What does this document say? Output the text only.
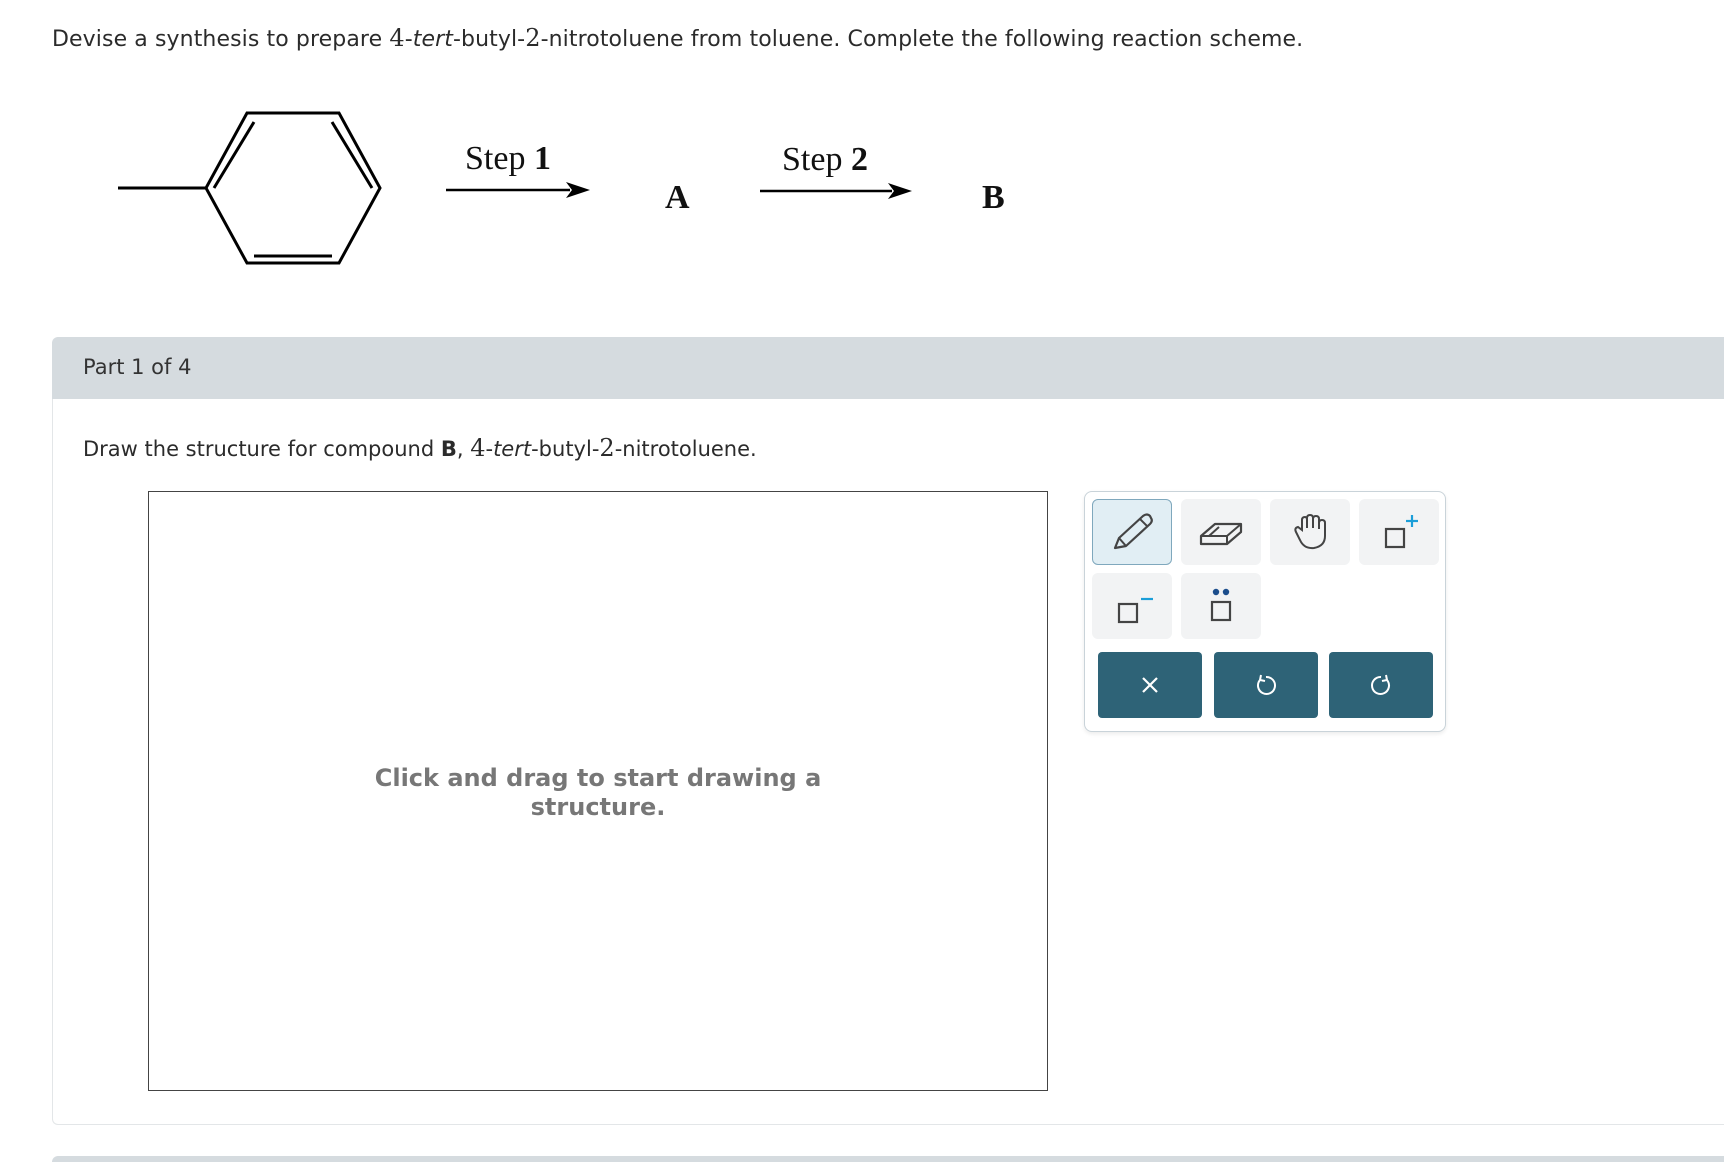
Devise a synthesis to prepare 4-tert-butyl-2-nitrotoluene from toluene. Complete the following reaction scheme.
Step 1	Step 2
A	B
Part 1 of 4
Draw the structure for compound B, 4-tert-butyl-2-nitrotoluene.
Click and drag to start drawing a
structure.
